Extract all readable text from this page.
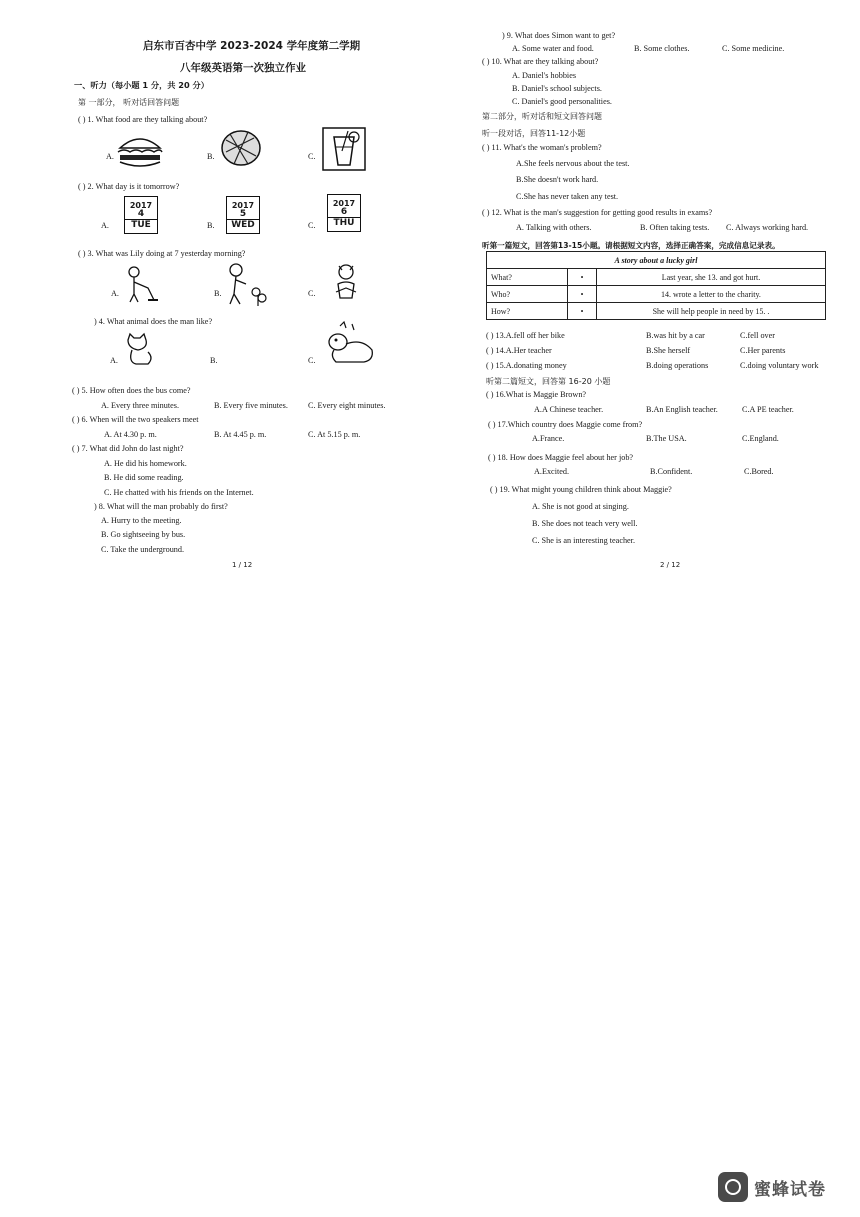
启东市百杏中学 2023-2024 学年度第二学期
八年级英语第一次独立作业
一、听力（每小题 1 分，共 20 分）
第 一部分， 听对话回答问题
( ) 1. What food are they talking about?
A.	B.	C.
( ) 2. What day is it tomorrow?
A.
2017
4
TUE	B.
2017
5
WED	C.
2017
6
THU
( ) 3. What was Lily doing at 7 yesterday morning?
A.	B.	C.
) 4. What animal does the man like?
A.	B.	C.
( ) 5. How often does the bus come?
A. Every three minutes.	B. Every five minutes. C. Every eight minutes.
( ) 6. When will the two speakers meet
A. At 4.30 p. m.	B. At 4.45 p. m.	C. At 5.15 p. m.
( ) 7. What did John do last night?
A. He did his homework.
B. He did some reading.
C. He chatted with his friends on the Internet.
) 8. What will the man probably do first?
A. Hurry to the meeting.
B. Go sightseeing by bus.
C. Take the underground.
1 / 12
) 9. What does Simon want to get?
A. Some water and food.	B. Some clothes.	C. Some medicine.
( ) 10. What are they talking about?
A. Daniel's hobbies
B. Daniel's school subjects.
C. Daniel's good personalities.
第二部分，听对话和短文回答问题
听一段对话，回答11-12小题
( ) 11. What's the woman's problem?
A.She feels nervous about the test.
B.She doesn't work hard.
C.She has never taken any test.
( ) 12. What is the man's suggestion for getting good results in exams?
A. Talking with others.	B. Often taking tests. C. Always working hard.
听第一篇短文，回答第13-15小题。请根据短文内容，选择正确答案，完成信息记录表。
A story about a lucky girl		
What?	•	Last year, she 13. and got hurt.
Who?	•	14. wrote a letter to the charity.
How?	•	She will help people in need by 15. .
( ) 13.A.fell off her bike	B.was hit by a car	C.fell over
( ) 14.A.Her teacher	B.She herself	C.Her parents
( ) 15.A.donating money	B.doing operations	C.doing voluntary work
听第二篇短文，回答第 16-20 小题
( ) 16.What is Maggie Brown?
A.A Chinese teacher.	B.An English teacher.	C.A PE teacher.
( ) 17.Which country does Maggie come from?
A.France.	B.The USA.	C.England.
( ) 18. How does Maggie feel about her job?
A.Excited.	B.Confident.	C.Bored.
( ) 19. What might young children think about Maggie?
A. She is not good at singing.
B. She does not teach very well.
C. She is an interesting teacher.
2 / 12
蜜蜂试卷
